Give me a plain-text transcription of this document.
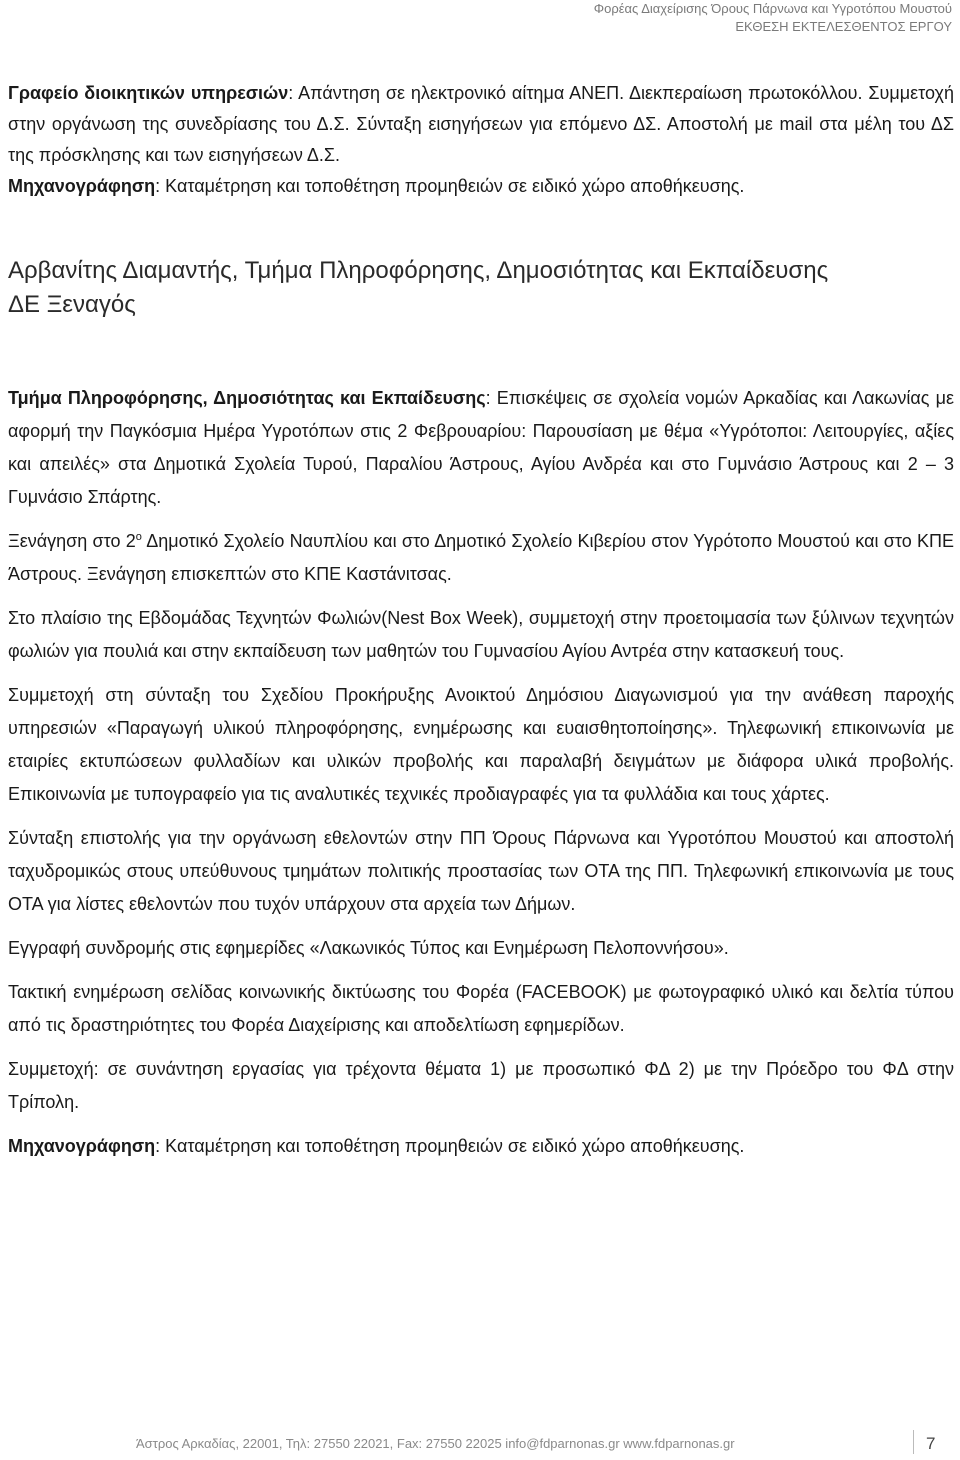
Φορέας Διαχείρισης Όρους Πάρνωνα και Υγροτόπου Μουστού
ΕΚΘΕΣΗ ΕΚΤΕΛΕΣΘΕΝΤΟΣ ΕΡΓΟΥ

Γραφείο διοικητικών υπηρεσιών: Απάντηση σε ηλεκτρονικό αίτημα ΑΝΕΠ. Διεκπεραίωση πρωτοκόλλου. Συμμετοχή στην οργάνωση της συνεδρίασης του Δ.Σ. Σύνταξη εισηγήσεων για επόμενο ΔΣ. Αποστολή με mail στα μέλη του ΔΣ της πρόσκλησης και των εισηγήσεων Δ.Σ.

Μηχανογράφηση: Καταμέτρηση και τοποθέτηση προμηθειών σε ειδικό χώρο αποθήκευσης.

Αρβανίτης Διαμαντής, Τμήμα Πληροφόρησης, Δημοσιότητας και Εκπαίδευσης
ΔΕ Ξεναγός

Τμήμα Πληροφόρησης, Δημοσιότητας και Εκπαίδευσης: Επισκέψεις σε σχολεία νομών Αρκαδίας και Λακωνίας με αφορμή την Παγκόσμια Ημέρα Υγροτόπων στις 2 Φεβρουαρίου: Παρουσίαση με θέμα «Υγρότοποι: Λειτουργίες, αξίες και απειλές» στα Δημοτικά Σχολεία Τυρού, Παραλίου Άστρους, Αγίου Ανδρέα και στο Γυμνάσιο Άστρους και 2 – 3 Γυμνάσιο Σπάρτης.

Ξενάγηση στο $2^o$ Δημοτικό Σχολείο Ναυπλίου και στο Δημοτικό Σχολείο Κιβερίου στον Υγρότοπο Μουστού και στο ΚΠΕ Άστρους. Ξενάγηση επισκεπτών στο ΚΠΕ Καστάνιτσας.

Στο πλαίσιο της Εβδομάδας Τεχνητών Φωλιών(Nest Box Week), συμμετοχή στην προετοιμασία των ξύλινων τεχνητών φωλιών για πουλιά και στην εκπαίδευση των μαθητών του Γυμνασίου Αγίου Αντρέα στην κατασκευή τους.

Συμμετοχή στη σύνταξη του Σχεδίου Προκήρυξης Ανοικτού Δημόσιου Διαγωνισμού για την ανάθεση παροχής υπηρεσιών «Παραγωγή υλικού πληροφόρησης, ενημέρωσης και ευαισθητοποίησης». Τηλεφωνική επικοινωνία με εταιρίες εκτυπώσεων φυλλαδίων και υλικών προβολής και παραλαβή δειγμάτων με διάφορα υλικά προβολής. Επικοινωνία με τυπογραφείο για τις αναλυτικές τεχνικές προδιαγραφές για τα φυλλάδια και τους χάρτες.

Σύνταξη επιστολής για την οργάνωση εθελοντών στην ΠΠ Όρους Πάρνωνα και Υγροτόπου Μουστού και αποστολή ταχυδρομικώς στους υπεύθυνους τμημάτων πολιτικής προστασίας των ΟΤΑ της ΠΠ. Τηλεφωνική επικοινωνία με τους ΟΤΑ για λίστες εθελοντών που τυχόν υπάρχουν στα αρχεία των Δήμων.

Εγγραφή συνδρομής στις εφημερίδες «Λακωνικός Τύπος και Ενημέρωση Πελοποννήσου».

Τακτική ενημέρωση σελίδας κοινωνικής δικτύωσης του Φορέα (FACEBOOK) με φωτογραφικό υλικό και δελτία τύπου από τις δραστηριότητες του Φορέα Διαχείρισης και αποδελτίωση εφημερίδων.

Συμμετοχή: σε συνάντηση εργασίας για τρέχοντα θέματα 1) με προσωπικό ΦΔ 2) με την Πρόεδρο του ΦΔ στην Τρίπολη.

Μηχανογράφηση: Καταμέτρηση και τοποθέτηση προμηθειών σε ειδικό χώρο αποθήκευσης.

Άστρος Αρκαδίας, 22001, Τηλ: 27550 22021, Fax: 27550 22025 info@fdparnonas.gr www.fdparnonas.gr	7
